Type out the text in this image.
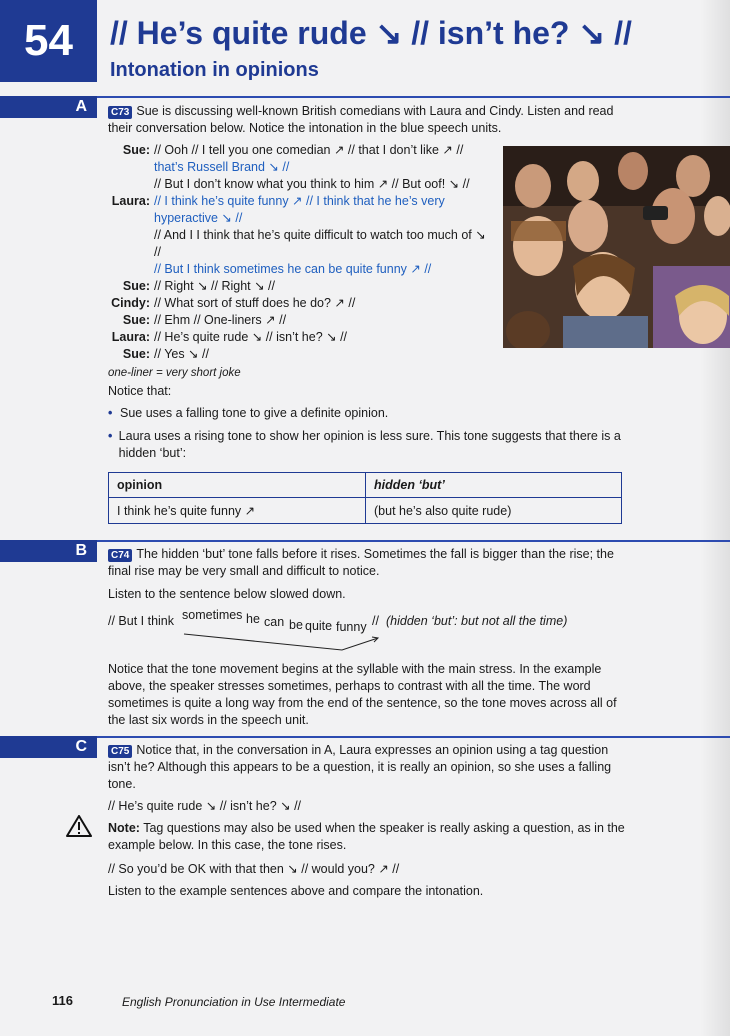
54	// He’s quite rude ↘ // isn’t he? ↘ //
Intonation in opinions
A	C73 Sue is discussing well-known British comedians with Laura and Cindy. Listen and read their conversation below. Notice the intonation in the blue speech units.
Sue: // Ooh // I tell you one comedian ↗ // that I don’t like ↗ //
that’s Russell Brand ↘ //
// But I don’t know what you think to him ↗ // But oof! ↘ //
Laura: // I think he’s quite funny ↗ // I think that he he’s very hyperactive ↘ //
// And I I think that he’s quite difficult to watch too much of ↘ //
// But I think sometimes he can be quite funny ↗ //
Sue: // Right ↘ // Right ↘ //
Cindy: // What sort of stuff does he do? ↗ //
Sue: // Ehm // One-liners ↗ //
Laura: // He’s quite rude ↘ // isn’t he? ↘ //
Sue: // Yes ↘ //
one-liner = very short joke
Notice that:
• Sue uses a falling tone to give a definite opinion.
• Laura uses a rising tone to show her opinion is less sure. This tone suggests that there is a hidden ‘but’:
opinion	hidden ‘but’
I think he’s quite funny ↗	(but he’s also quite rude)
B	C74 The hidden ‘but’ tone falls before it rises. Sometimes the fall is bigger than the rise; the final rise may be very small and difficult to notice.
Listen to the sentence below slowed down.
// But I think sometimes he can be quite funny // (hidden ‘but’: but not all the time)
Notice that the tone movement begins at the syllable with the main stress. In the example above, the speaker stresses sometimes, perhaps to contrast with all the time. The word sometimes is quite a long way from the end of the sentence, so the tone moves across all of the last six words in the speech unit.
C	C75 Notice that, in the conversation in A, Laura expresses an opinion using a tag question isn’t he? Although this appears to be a question, it is really an opinion, so she uses a falling tone.
// He’s quite rude ↘ // isn’t he? ↘ //
Note: Tag questions may also be used when the speaker is really asking a question, as in the example below. In this case, the tone rises.
// So you’d be OK with that then ↘ // would you? ↗ //
Listen to the example sentences above and compare the intonation.
116	English Pronunciation in Use Intermediate
